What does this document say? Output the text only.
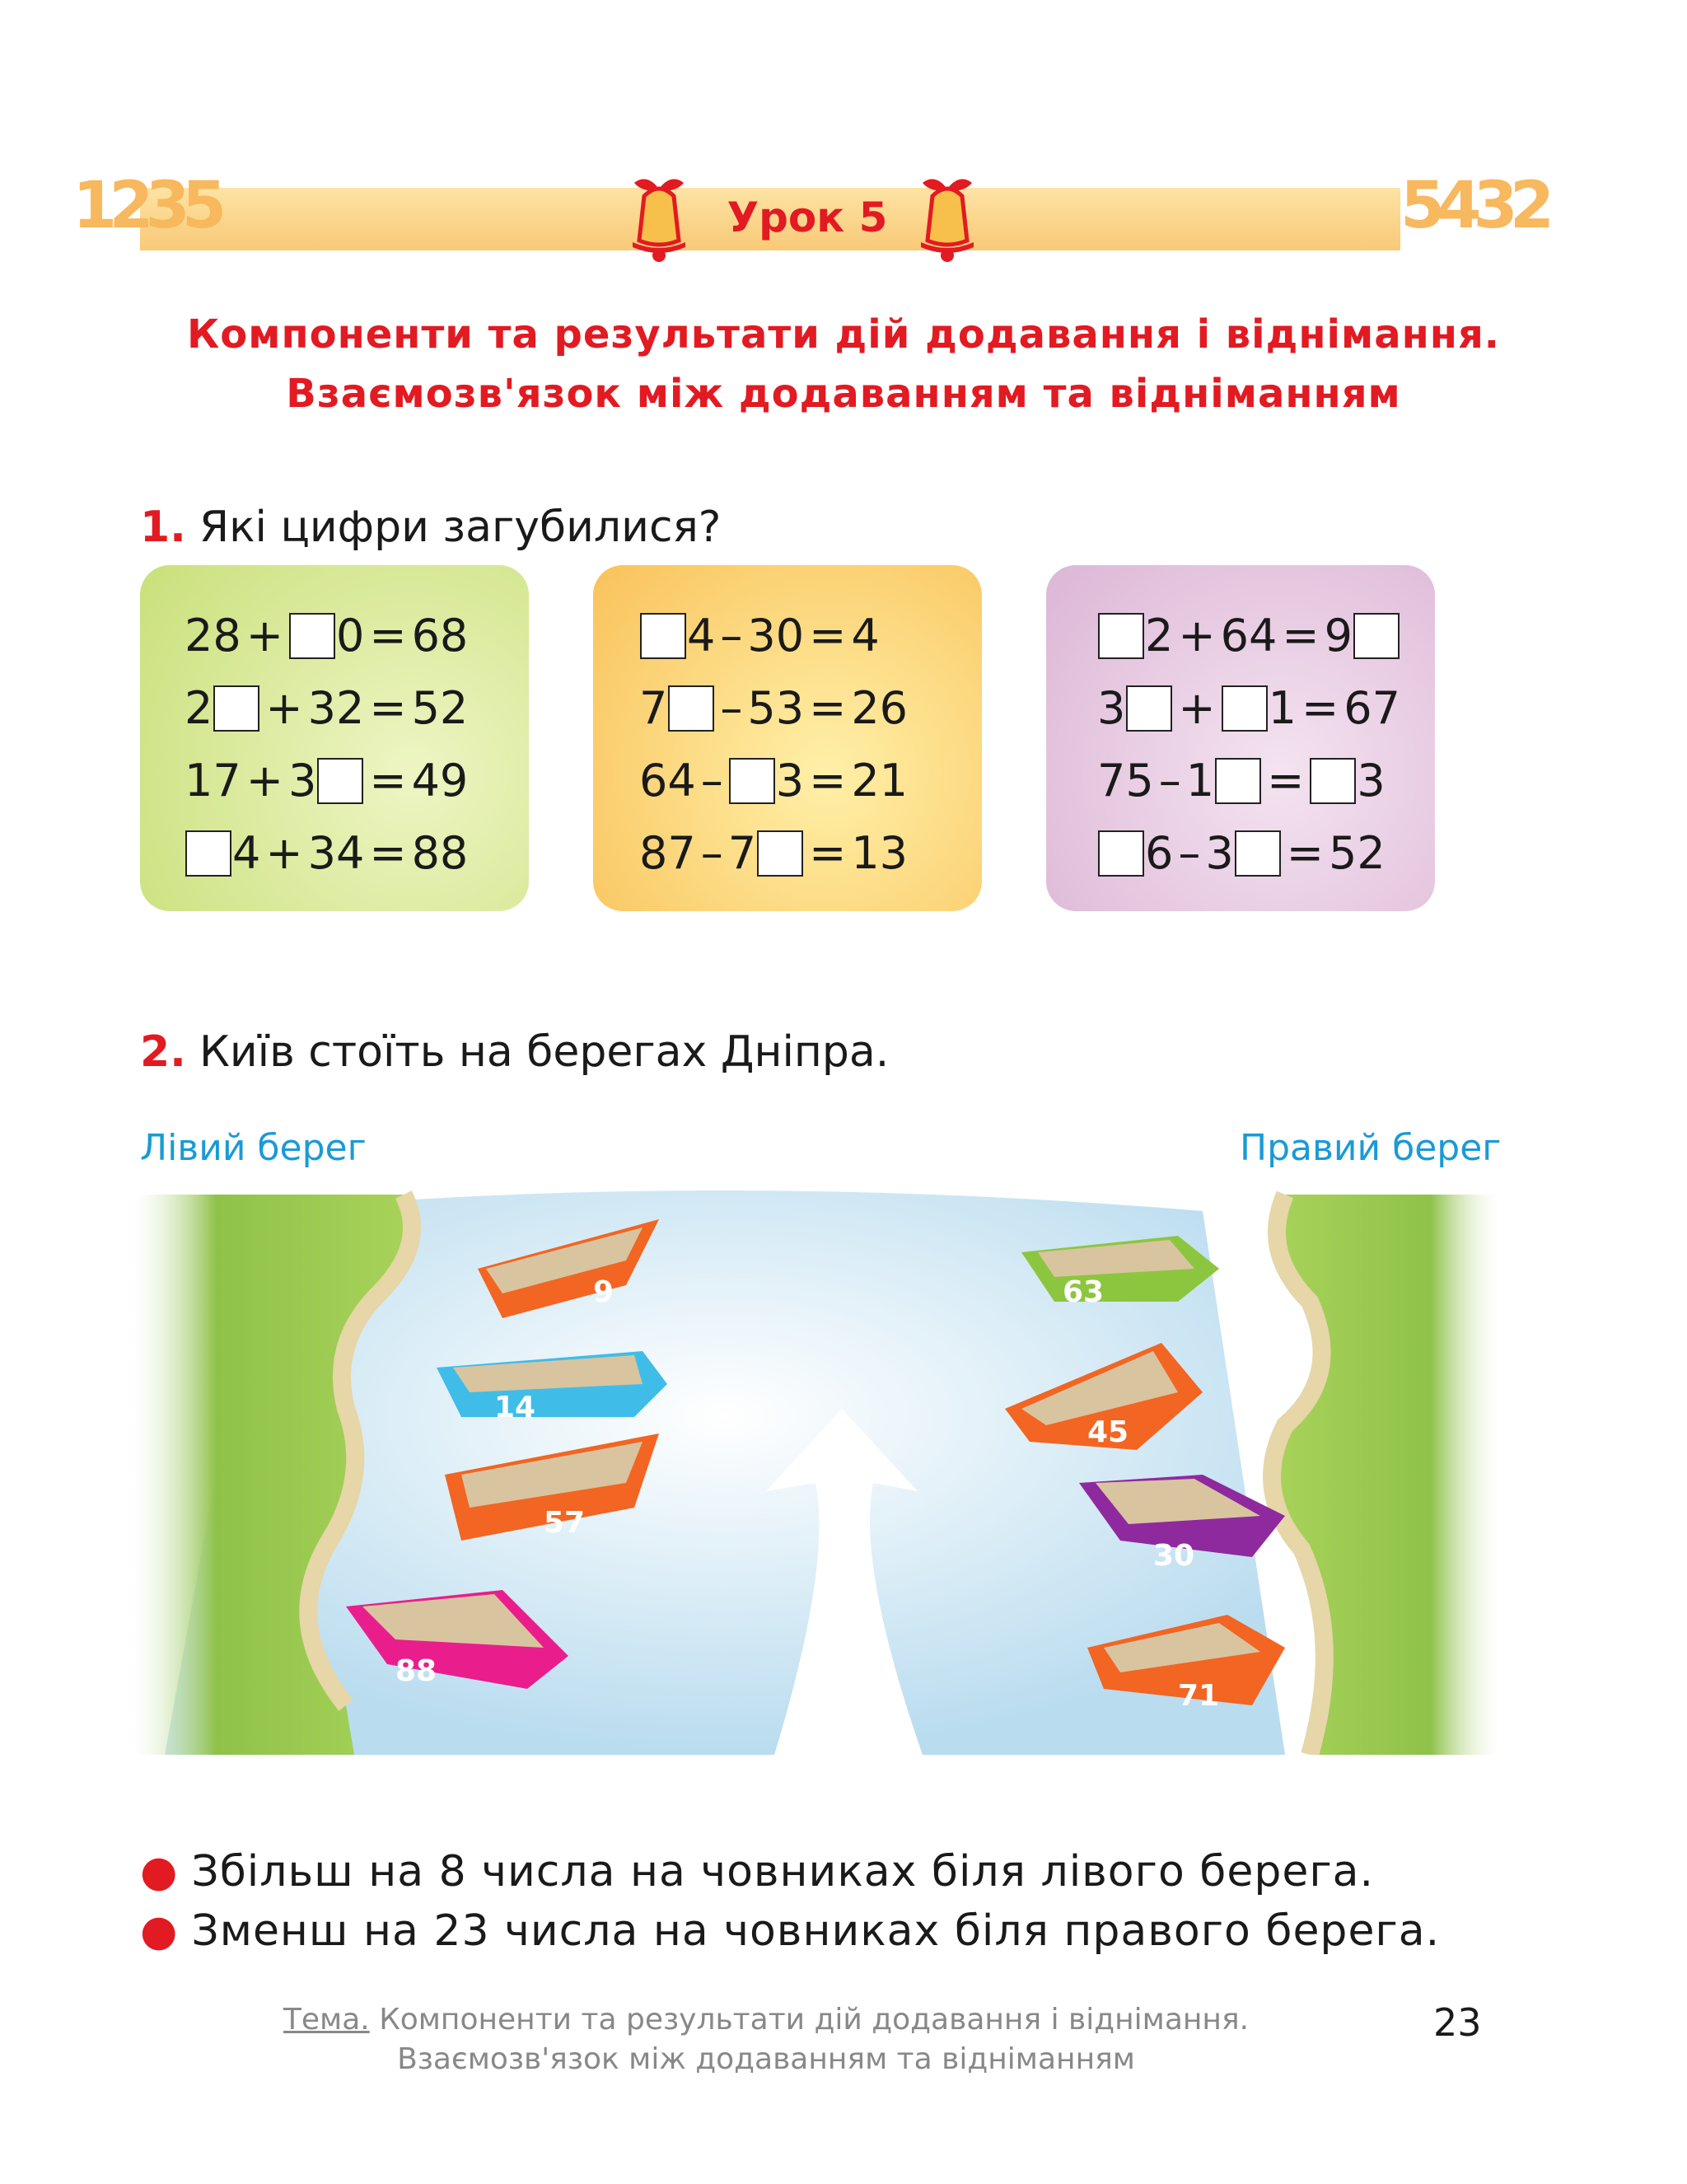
1235	5432
Урок 5
Компоненти та результати дій додавання і віднімання.
Взаємозв'язок між додаванням та відніманням
1. Які цифри загубилися?
28 + 0 = 68
2 + 32 = 52
17 + 3 = 49
4 + 34 = 88
4 – 30 = 4
7 – 53 = 26
64 – 3 = 21
87 – 7 = 13
2 + 64 = 9
3 + 1 = 67
75 – 1 = 3
6 – 3 = 52
2. Київ стоїть на берегах Дніпра.
Лівий берег	Правий берег
9
14
57
88
63
45
30
71
● Збільш на 8 числа на човниках біля лівого берега.
● Зменш на 23 числа на човниках біля правого берега.
Тема. Компоненти та результати дій додавання і віднімання.
Взаємозв'язок між додаванням та відніманням
23
